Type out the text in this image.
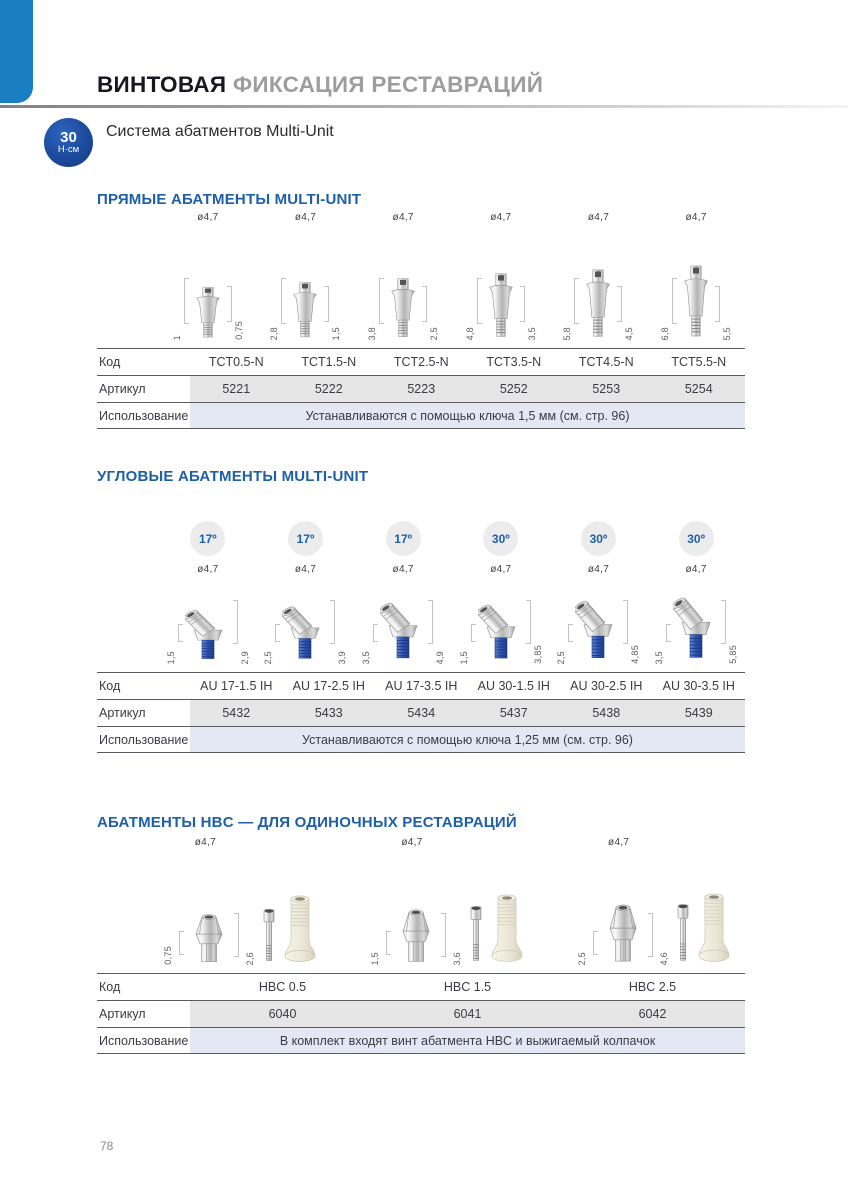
ВИНТОВАЯ ФИКСАЦИЯ РЕСТАВРАЦИЙ
30
Н·см
Система абатментов Multi-Unit
ПРЯМЫЕ АБАТМЕНТЫ MULTI-UNIT
ø4,7
1	0,75
ø4,7
2,8	1,5
ø4,7
3,8	2,5
ø4,7
4,8	3,5
ø4,7
5,8	4,5
ø4,7
6,8	5,5
Код	TCT0.5-N	TCT1.5-N	TCT2.5-N	TCT3.5-N	TCT4.5-N	TCT5.5-N
Артикул	5221	5222	5223	5252	5253	5254
Использование	Устанавливаются с помощью ключа 1,5 мм (см. стр. 96)
УГЛОВЫЕ АБАТМЕНТЫ MULTI-UNIT
17º	17º	17º	30º	30º	30º
ø4,7
1,5	2,9
ø4,7
2,5	3,9
ø4,7
3,5	4,9
ø4,7
1,5	3,85
ø4,7
2,5	4,85
ø4,7
3,5	5,85
Код	AU 17-1.5 IH	AU 17-2.5 IH	AU 17-3.5 IH	AU 30-1.5 IH	AU 30-2.5 IH	AU 30-3.5 IH
Артикул	5432	5433	5434	5437	5438	5439
Использование	Устанавливаются с помощью ключа 1,25 мм (см. стр. 96)
АБАТМЕНТЫ HBC — ДЛЯ ОДИНОЧНЫХ РЕСТАВРАЦИЙ
ø4,7
0,75	2,6
ø4,7
1,5	3,6
ø4,7
2,5	4,6
Код	HBC 0.5	HBC 1.5	HBC 2.5
Артикул	6040	6041	6042
Использование	В комплект входят винт абатмента HBC и выжигаемый колпачок
78
